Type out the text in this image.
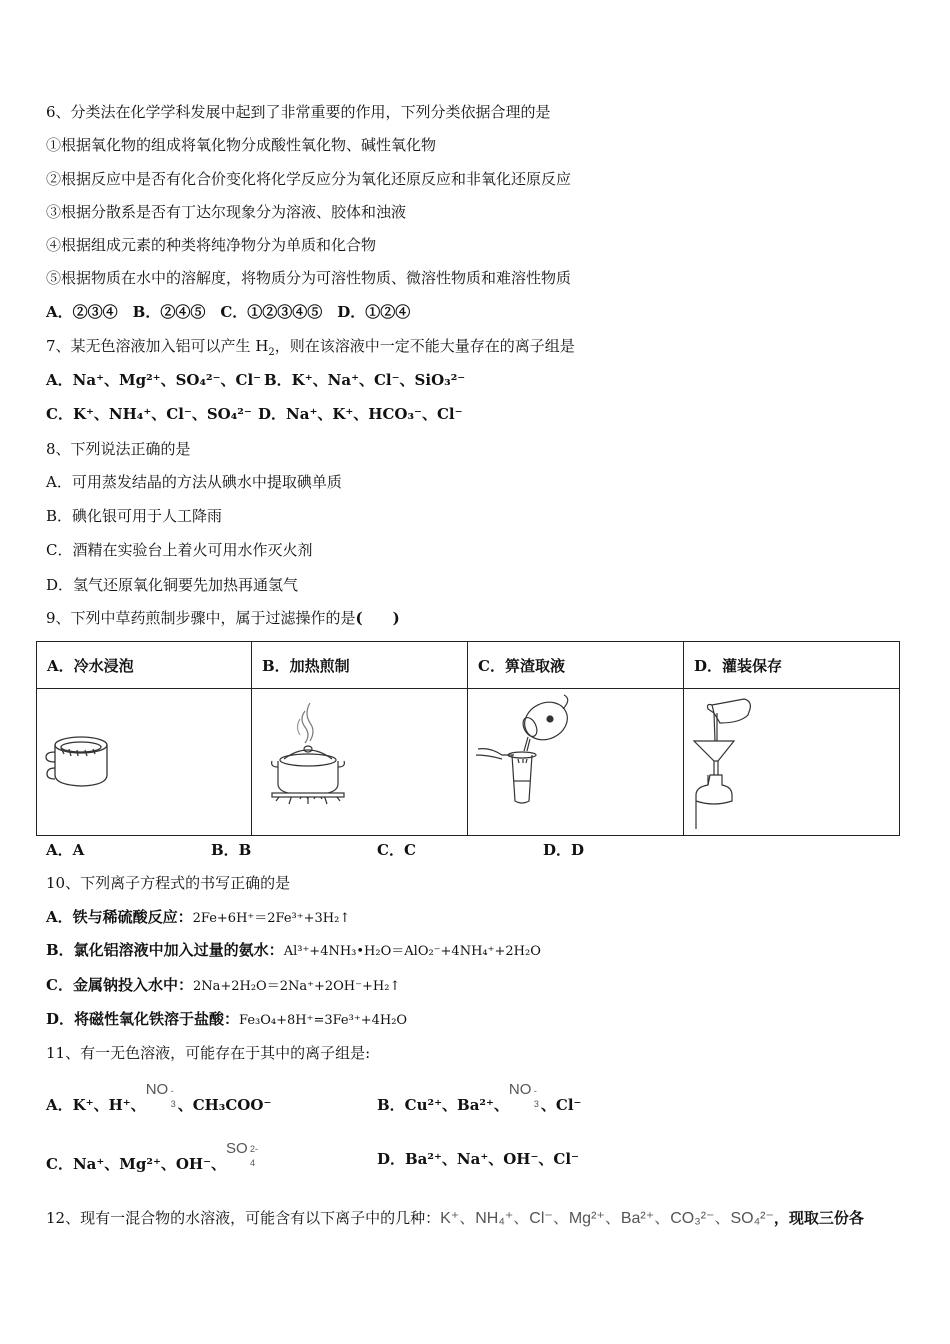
6、分类法在化学学科发展中起到了非常重要的作用，下列分类依据合理的是
①根据氧化物的组成将氧化物分成酸性氧化物、碱性氧化物
②根据反应中是否有化合价变化将化学反应分为氧化还原反应和非氧化还原反应
③根据分散系是否有丁达尔现象分为溶液、胶体和浊液
④根据组成元素的种类将纯净物分为单质和化合物
⑤根据物质在水中的溶解度，将物质分为可溶性物质、微溶性物质和难溶性物质
A．②③④　B．②④⑤　C．①②③④⑤　D．①②④
7、某无色溶液加入铝可以产生 $H_2$，则在该溶液中一定不能大量存在的离子组是
A．Na⁺、Mg²⁺、SO₄²⁻、Cl⁻ B．K⁺、Na⁺、Cl⁻、SiO₃²⁻
C．K⁺、NH₄⁺、Cl⁻、SO₄²⁻ D．Na⁺、K⁺、HCO₃⁻、Cl⁻
8、下列说法正确的是
A．可用蒸发结晶的方法从碘水中提取碘单质
B．碘化银可用于人工降雨
C．酒精在实验台上着火可用水作灭火剂
D．氢气还原氧化铜要先加热再通氢气
9、下列中草药煎制步骤中，属于过滤操作的是(　　)
A．冷水浸泡	B．加热煎制	C．箅渣取液	D．灌装保存

A．A	B．B	C．C	D．D
10、下列离子方程式的书写正确的是
A．铁与稀硫酸反应：2Fe+6H⁺＝2Fe³⁺+3H₂↑
B．氯化铝溶液中加入过量的氨水：Al³⁺+4NH₃•H₂O＝AlO₂⁻+4NH₄⁺+2H₂O
C．金属钠投入水中：2Na+2H₂O＝2Na⁺+2OH⁻+H₂↑
D．将磁性氧化铁溶于盐酸：Fe₃O₄+8H⁺=3Fe³⁺+4H₂O
11、有一无色溶液，可能存在于其中的离子组是:
A．K⁺、H⁺、
NO -
3 、CH₃COO⁻	B．Cu²⁺、Ba²⁺、
NO -
3 、Cl⁻
C．Na⁺、Mg²⁺、OH⁻、
SO 2-
4	D．Ba²⁺、Na⁺、OH⁻、Cl⁻
12、现有一混合物的水溶液，可能含有以下离子中的几种：K⁺、NH₄⁺、Cl⁻、Mg²⁺、Ba²⁺、CO₃²⁻、SO₄²⁻，现取三份各
